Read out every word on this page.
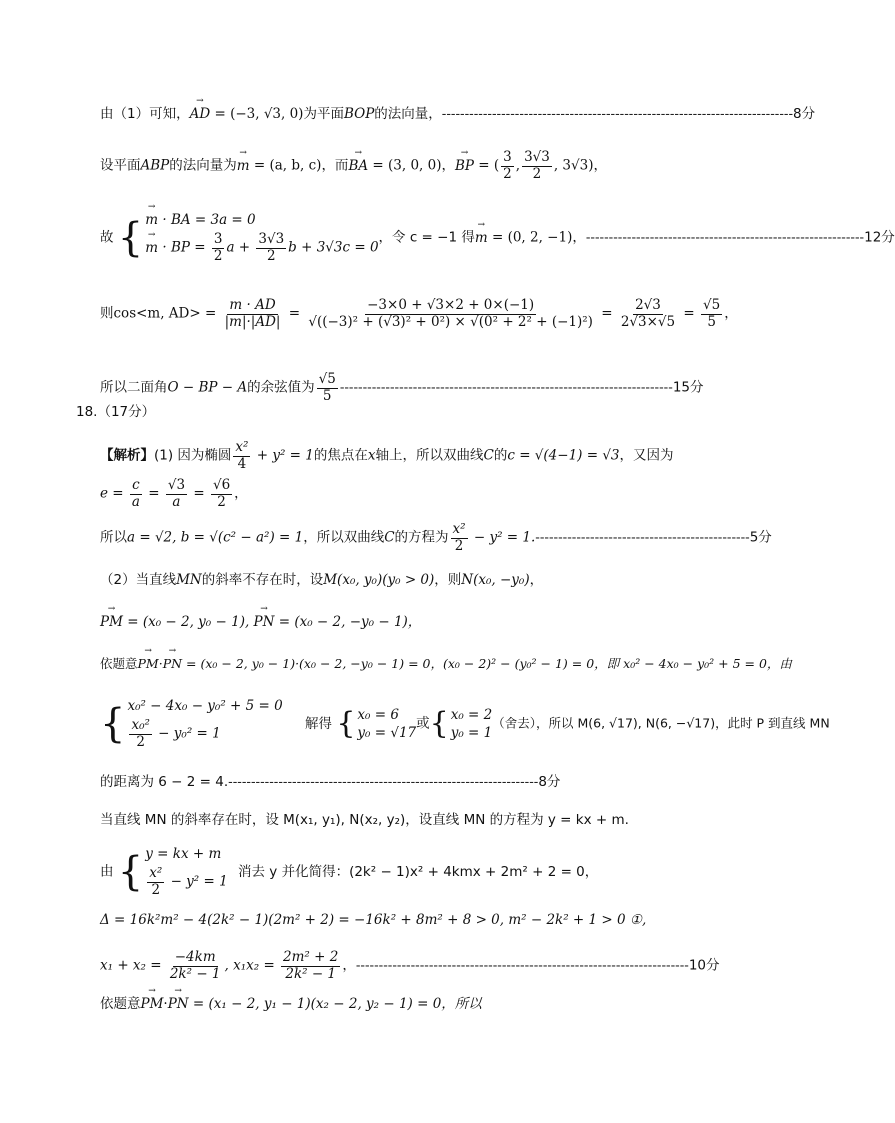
由（1）可知，→ AD = (−3, √3, 0)为平面BOP的法向量，-----------------------------------------------------------------------------8分
设平面ABP的法向量为→ m = (a, b, c)，而→ BA = (3, 0, 0)，→ BP = ( $\frac{3}{2}$ , $\frac{3√3}{2}$ , 3√3)，
故 {
→ m · BA = 3a = 0
→ m · BP = $\frac{3}{2}$ $a + \frac{3√3}{2}$ b + 3√3c = 0
，令 c = −1 得→ m = (0, 2, −1)，-------------------------------------------------------------12分
则cos<m, $AD> = \frac{m \cdot AD}{|m|\cdot|AD|} = \frac{-3\times 0 + √3\times 2 + 0\times(-1)}{\text{√((−3)² + (√3)² + 0²) × √(0² + 2² + (−1)²)}} = \frac{2√3}{2√3\times√5} = \frac{√5}{5}$ ，
所以二面角O − BP − A的余弦值为 $\frac{√5}{5} -------------------------------------------------------------------------15$分
18.（17分）
【解析】(1) 因为椭圆 $\frac{\text{x²}}{4} + y^2 = 1$的焦点在x轴上，所以双曲线C的c = √(4−1) = √3，又因为
$e = \frac{c}{a} = \frac{√3}{a} = \frac{√6}{2}$ ，
所以a = √2, b = √(c² − a²) = 1，所以双曲线C的方程为 $\frac{\text{x²}}{2} - y^2 = 1.-----------------------------------------------5$分
（2）当直线MN的斜率不存在时，设M(x₀, y₀)(y₀ > 0)，则N(x₀, −y₀)，
→ PM = (x₀ − 2, y₀ − 1), → PN = (x₀ − 2, −y₀ − 1)，
依题意→ PM·→ PN = (x₀ − 2, y₀ − 1)·(x₀ − 2, −y₀ − 1) = 0，(x₀ − 2)² − (y₀² − 1) = 0，即 x₀² − 4x₀ − y₀² + 5 = 0，由
{ x₀² − 4x₀ − y₀² + 5 = 0
$\frac{\text{x₀²}}{2} - y_0^2 = 1$
解得 { x₀ = 6
y₀ = √17
或 { x₀ = 2
y₀ = 1
（舍去），所以 M(6, √17), N(6, −√17)，此时 P 到直线 MN
的距离为 6 − 2 = 4.--------------------------------------------------------------------8分
当直线 MN 的斜率存在时，设 M(x₁, y₁), N(x₂, y₂)，设直线 MN 的方程为 y = kx + m.
由 { y = kx + m
$\frac{\text{x²}}{2} - y^2 = 1$
消去 y 并化简得：(2k² − 1)x² + 4kmx + 2m² + 2 = 0，
Δ = 16k²m² − 4(2k² − 1)(2m² + 2) = −16k² + 8m² + 8 > 0, m² − 2k² + 1 > 0 ①,
$x_1 + x_2 = \frac{-4km}{\text{2k² − 1}}$ , $x_1x_2 = \frac{\text{2m² + 2}}{\text{2k² − 1}}$ ，-------------------------------------------------------------------------10分
依题意→ PM·→ PN = (x₁ − 2, y₁ − 1)(x₂ − 2, y₂ − 1) = 0，所以
